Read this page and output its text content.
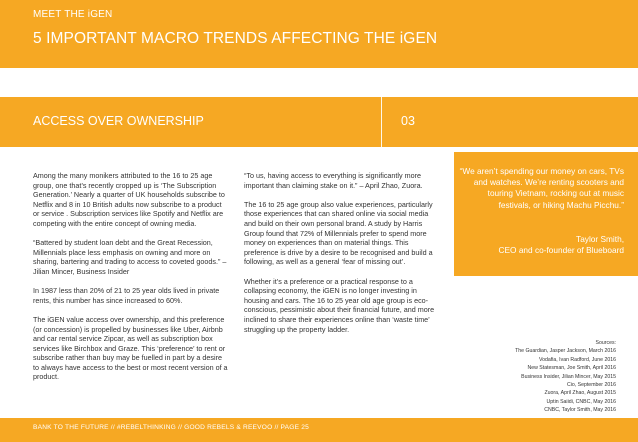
MEET THE iGEN
5 IMPORTANT MACRO TRENDS AFFECTING THE iGEN
ACCESS OVER OWNERSHIP	03

Among the many monikers attributed to the 16 to 25 age group, one that’s recently cropped up is ‘The Subscription Generation.’ Nearly a quarter of UK households subscribe to Netflix and 8 in 10 British adults now subscribe to a product or service . Subscription services like Spotify and Netflix are competing with the entire concept of owning media.

“Battered by student loan debt and the Great Recession, Millennials place less emphasis on owning and more on sharing, bartering and trading to access to coveted goods.” – Jilian Mincer, Business Insider

In 1987 less than 20% of 21 to 25 year olds lived in private rents, this number has since increased to 60%.

The iGEN value access over ownership, and this preference (or concession) is propelled by businesses like Uber, Airbnb and car rental service Zipcar, as well as subscription box services like Birchbox and Graze. This ‘preference’ to rent or subscribe rather than buy may be fuelled in part by a desire to always have access to the best or most recent version of a product.

“To us, having access to everything is significantly more important than claiming stake on it.” – April Zhao, Zuora.

The 16 to 25 age group also value experiences, particularly those experiences that can shared online via social media and build on their own personal brand. A study by Harris Group found that 72% of Millennials prefer to spend more money on experiences than on material things. This preference is drive by a desire to be recognised and build a following, as well as a general ‘fear of missing out’.

Whether it’s a preference or a practical response to a collapsing economy, the iGEN is no longer investing in housing and cars. The 16 to 25 year old age group is eco-conscious, pessimistic about their financial future, and more inclined to share their experiences online than ‘waste time’ struggling up the property ladder.

“We aren’t spending our money on cars, TVs and watches. We’re renting scooters and touring Vietnam, rocking out at music festivals, or hiking Machu Picchu.”
Taylor Smith,
CEO and co-founder of Blueboard
Sources:
The Guardian, Jasper Jackson, March 2016
Vodafia, Ivan Radford, June 2016
New Statesman, Joe Smith, April 2016
Business Insider, Jilian Mincer, May 2015
Cio, September 2016
Zuora, April Zhao, August 2015
Uptin Saiidi, CNBC, May 2016
CNBC, Taylor Smith, May 2016
BANK TO THE FUTURE // #REBELTHINKING // GOOD REBELS & REEVOO // PAGE 25
